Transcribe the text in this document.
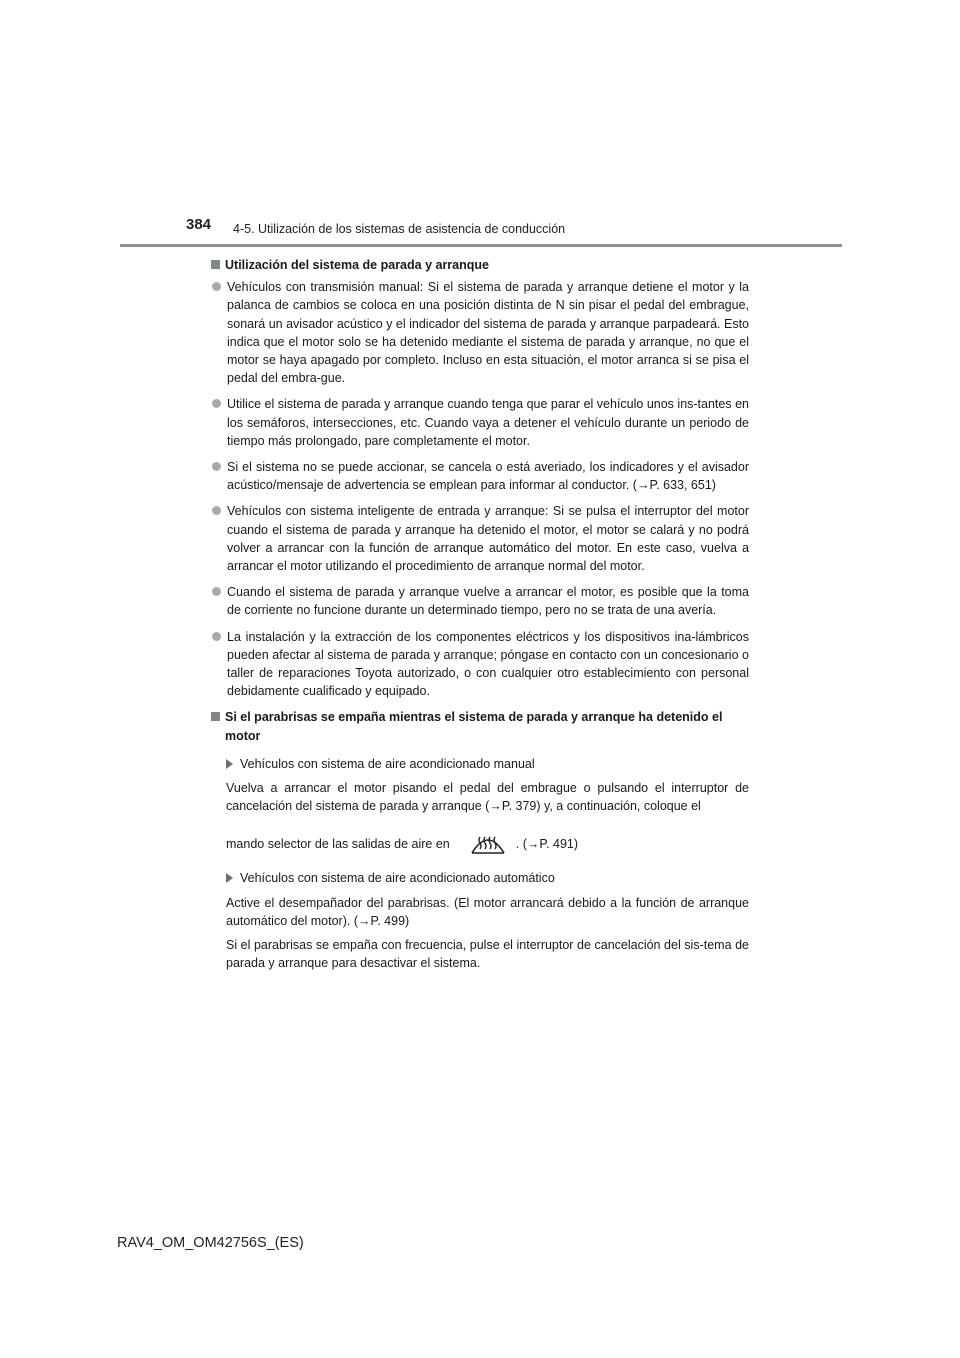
384 4-5. Utilización de los sistemas de asistencia de conducción
Utilización del sistema de parada y arranque
Vehículos con transmisión manual: Si el sistema de parada y arranque detiene el motor y la palanca de cambios se coloca en una posición distinta de N sin pisar el pedal del embrague, sonará un avisador acústico y el indicador del sistema de parada y arranque parpadeará. Esto indica que el motor solo se ha detenido mediante el sistema de parada y arranque, no que el motor se haya apagado por completo. Incluso en esta situación, el motor arranca si se pisa el pedal del embra-gue.
Utilice el sistema de parada y arranque cuando tenga que parar el vehículo unos ins-tantes en los semáforos, intersecciones, etc. Cuando vaya a detener el vehículo durante un periodo de tiempo más prolongado, pare completamente el motor.
Si el sistema no se puede accionar, se cancela o está averiado, los indicadores y el avisador acústico/mensaje de advertencia se emplean para informar al conductor. (→P. 633, 651)
Vehículos con sistema inteligente de entrada y arranque: Si se pulsa el interruptor del motor cuando el sistema de parada y arranque ha detenido el motor, el motor se calará y no podrá volver a arrancar con la función de arranque automático del motor. En este caso, vuelva a arrancar el motor utilizando el procedimiento de arranque normal del motor.
Cuando el sistema de parada y arranque vuelve a arrancar el motor, es posible que la toma de corriente no funcione durante un determinado tiempo, pero no se trata de una avería.
La instalación y la extracción de los componentes eléctricos y los dispositivos ina-lámbricos pueden afectar al sistema de parada y arranque; póngase en contacto con un concesionario o taller de reparaciones Toyota autorizado, o con cualquier otro establecimiento con personal debidamente cualificado y equipado.
Si el parabrisas se empaña mientras el sistema de parada y arranque ha detenido el motor
Vehículos con sistema de aire acondicionado manual
Vuelva a arrancar el motor pisando el pedal del embrague o pulsando el interruptor de cancelación del sistema de parada y arranque (→P. 379) y, a continuación, coloque el
mando selector de las salidas de aire en	. (→P. 491)
Vehículos con sistema de aire acondicionado automático
Active el desempañador del parabrisas. (El motor arrancará debido a la función de arranque automático del motor). (→P. 499)
Si el parabrisas se empaña con frecuencia, pulse el interruptor de cancelación del sis-tema de parada y arranque para desactivar el sistema.
RAV4_OM_OM42756S_(ES)
